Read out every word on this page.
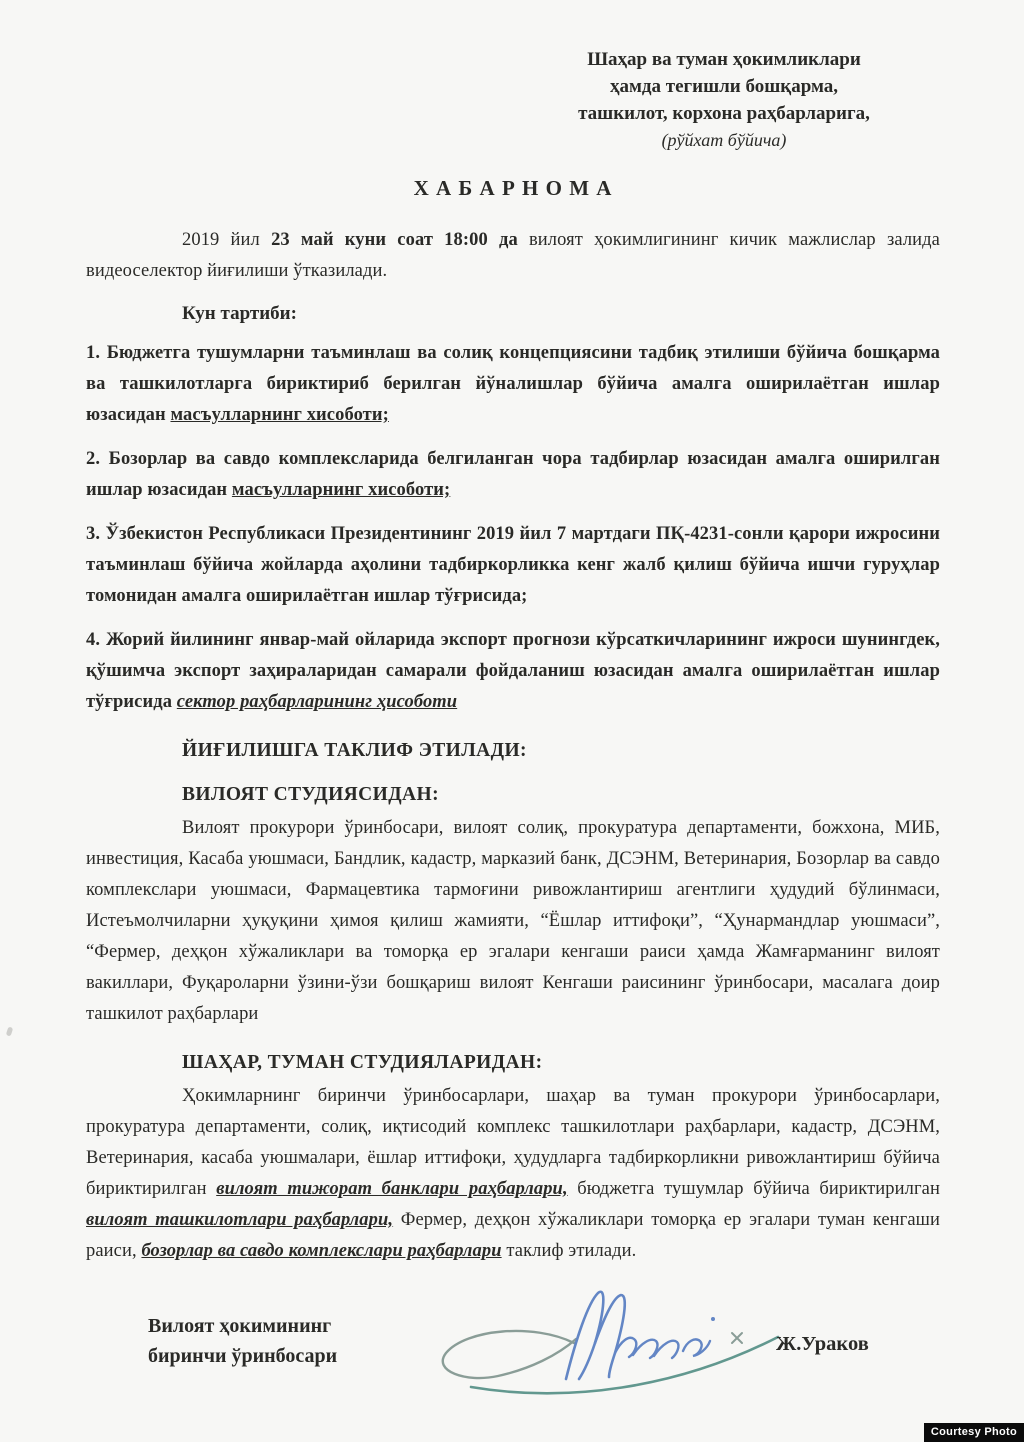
Шаҳар ва туман ҳокимликлари
ҳамда тегишли бошқарма,
ташкилот, корхона раҳбарларига,
(рўйхат бўйича)
Х А Б А Р Н О М А

2019 йил 23 май куни соат 18:00 да вилоят ҳокимлигининг кичик мажлислар залида видеоселектор йиғилиши ўтказилади.

Кун тартиби:

1. Бюджетга тушумларни таъминлаш ва солиқ концепциясини тадбиқ этилиши бўйича бошқарма ва ташкилотларга бириктириб берилган йўналишлар бўйича амалга оширилаётган ишлар юзасидан масъулларнинг хисоботи;

2. Бозорлар ва савдо комплексларида белгиланган чора тадбирлар юзасидан амалга оширилган ишлар юзасидан масъулларнинг хисоботи;

3. Ўзбекистон Республикаси Президентининг 2019 йил 7 мартдаги ПҚ-4231-сонли қарори ижросини таъминлаш бўйича жойларда аҳолини тадбиркорликка кенг жалб қилиш бўйича ишчи гуруҳлар томонидан амалга оширилаётган ишлар тўғрисида;

4. Жорий йилининг январ-май ойларида экспорт прогнози кўрсаткичларининг ижроси шунингдек, қўшимча экспорт заҳираларидан самарали фойдаланиш юзасидан амалга оширилаётган ишлар тўғрисида сектор раҳбарларининг ҳисоботи

ЙИҒИЛИШГА ТАКЛИФ ЭТИЛАДИ:
ВИЛОЯТ СТУДИЯСИДАН:

Вилоят прокурори ўринбосари, вилоят солиқ, прокуратура департаменти, божхона, МИБ, инвестиция, Касаба уюшмаси, Бандлик, кадастр, марказий банк, ДСЭНМ, Ветеринария, Бозорлар ва савдо комплекслари уюшмаси, Фармацевтика тармоғини ривожлантириш агентлиги ҳудудий бўлинмаси, Истеъмолчиларни ҳуқуқини ҳимоя қилиш жамияти, “Ёшлар иттифоқи”, “Ҳунармандлар уюшмаси”, “Фермер, деҳқон хўжаликлари ва томорқа ер эгалари кенгаши раиси ҳамда Жамғарманинг вилоят вакиллари, Фуқароларни ўзини-ўзи бошқариш вилоят Кенгаши раисининг ўринбосари, масалага доир ташкилот раҳбарлари

ШАҲАР, ТУМАН СТУДИЯЛАРИДАН:

Ҳокимларнинг биринчи ўринбосарлари, шаҳар ва туман прокурори ўринбосарлари, прокуратура департаменти, солиқ, иқтисодий комплекс ташкилотлари раҳбарлари, кадастр, ДСЭНМ, Ветеринария, касаба уюшмалари, ёшлар иттифоқи, ҳудудларга тадбиркорликни ривожлантириш бўйича бириктирилган вилоят тижорат банклари раҳбарлари, бюджетга тушумлар бўйича бириктирилган вилоят ташкилотлари раҳбарлари, Фермер, деҳқон хўжаликлари томорқа ер эгалари туман кенгаши раиси, бозорлар ва савдо комплекслари раҳбарлари таклиф этилади.

Вилоят ҳокимининг
биринчи ўринбосари
Ж.Ураков
Courtesy Photo
